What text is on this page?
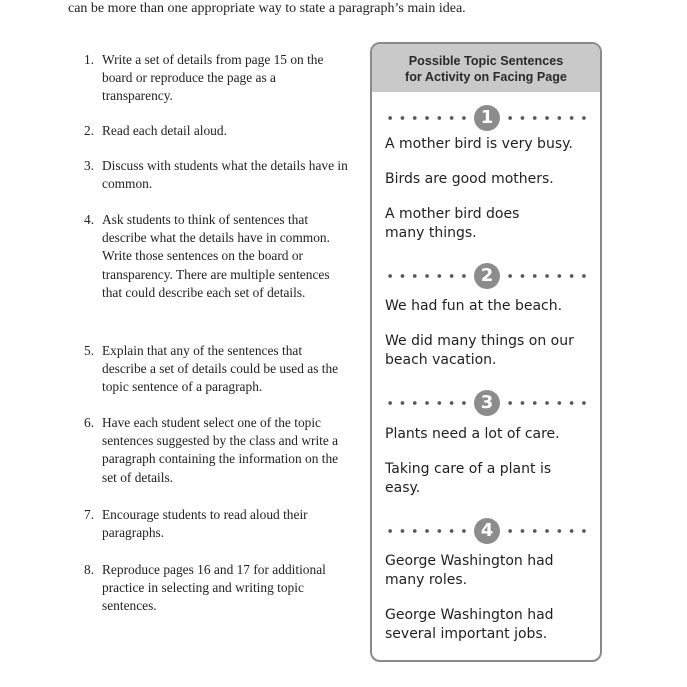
can be more than one appropriate way to state a paragraph’s main idea.
1. Write a set of details from page 15 on the board or reproduce the page as a transparency.
2. Read each detail aloud.
3. Discuss with students what the details have in common.
4. Ask students to think of sentences that describe what the details have in common. Write those sentences on the board or transparency. There are multiple sentences that could describe each set of details.
5. Explain that any of the sentences that describe a set of details could be used as the topic sentence of a paragraph.
6. Have each student select one of the topic sentences suggested by the class and write a paragraph containing the information on the set of details.
7. Encourage students to read aloud their paragraphs.
8. Reproduce pages 16 and 17 for additional practice in selecting and writing topic sentences.
Possible Topic Sentences
for Activity on Facing Page
1
A mother bird is very busy.
Birds are good mothers.
A mother bird does many things.
2
We had fun at the beach.
We did many things on our beach vacation.
3
Plants need a lot of care.
Taking care of a plant is easy.
4
George Washington had many roles.
George Washington had several important jobs.
